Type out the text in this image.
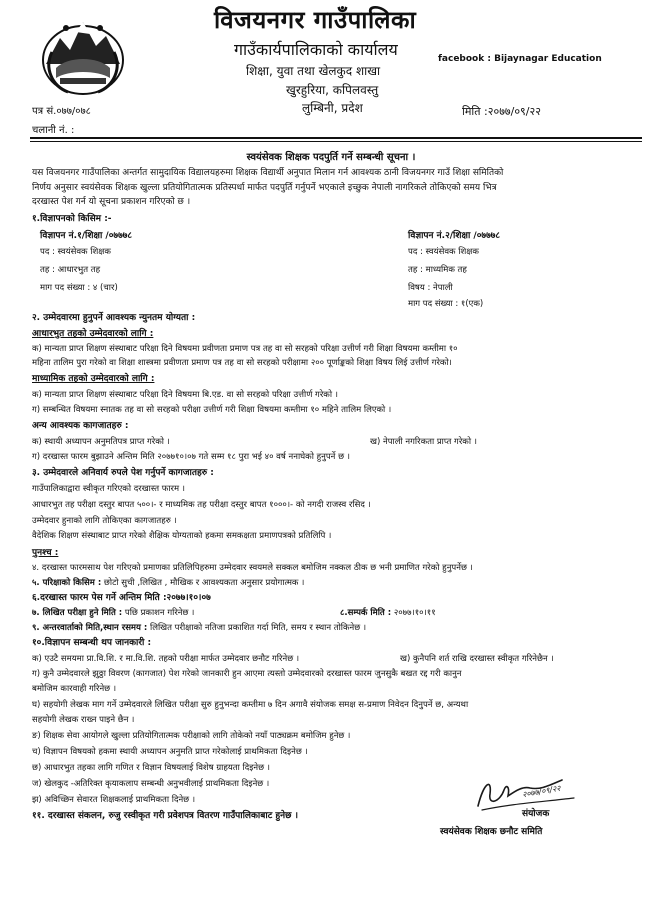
विजयनगर गाउँपालिका
गाउँकार्यपालिकाको कार्यालय
शिक्षा, युवा तथा खेलकुद शाखा
खुरहुरिया, कपिलवस्तु
लुम्बिनी, प्रदेश
facebook : Bijaynagar Education
पत्र सं.०७७/०७८
चलानी नं. :
मिति :२०७७/०९/२२
स्वयंसेवक शिक्षक पदपुर्ति गर्ने सम्बन्धी सूचना ।
यस विजयनगर गाउँपालिका अन्तर्गत सामुदायिक विद्यालयहरुमा शिक्षक विद्यार्थी अनुपात मिलान गर्न आवश्यक ठानी विजयनगर गाउँ शिक्षा समितिको
निर्णय अनुसार स्वयंसेवक शिक्षक खुल्ला प्रतियोगितात्मक प्रतिस्पर्धा मार्फत पदपुर्ति गर्नुपर्ने भएकाले इच्छुक नेपाली नागरिकले तोकिएको समय भित्र
दरखास्त पेश गर्न यो सूचना प्रकाशन गरिएको छ ।
१.विज्ञापनको किसिम :-
विज्ञापन नं.१/शिक्षा /०७७७८
पद : स्वयंसेवक शिक्षक
तह : आधारभुत तह
माग पद संख्या : ४ (चार)
विज्ञापन नं.२/शिक्षा /०७७७८
पद : स्वयंसेवक शिक्षक
तह : माध्यमिक तह
विषय : नेपाली
माग पद संख्या : १(एक)
२. उम्मेदवारमा हुनुपर्ने आवश्यक न्युनतम योग्यता :
आधारभुत तहको उम्मेदवारको लागि :
क) मान्यता प्राप्त शिक्षण संस्थाबाट परिक्षा दिने विषयमा प्रवीणता प्रमाण पत्र तह वा सो सरहको परिक्षा उत्तीर्ण गरी शिक्षा विषयमा कम्तीमा १०
महिना तालिम पुरा गरेको वा शिक्षा शास्त्रमा प्रवीणता प्रमाण पत्र तह वा सो सरहको परीक्षामा २०० पूर्णाङ्कको शिक्षा विषय लिई उत्तीर्ण गरेको।
माध्यामिक तहको उम्मेदवारको लागि :
क) मान्यता प्राप्त शिक्षण संस्थाबाट परिक्षा दिने विषयमा बि.एड. वा सो सरहको परिक्षा उत्तीर्ण गरेको ।
ग) सम्बन्धित विषयमा स्नातक तह वा सो सरहको परीक्षा उत्तीर्ण गरी शिक्षा विषयमा कम्तीमा १० महिने तालिम लिएको ।
अन्य आवश्यक कागजातहरु :
क) स्थायी अध्यापन अनुमतिपत्र प्राप्त गरेको ।	ख) नेपाली नगरिकता प्राप्त गरेको ।
ग) दरखास्त फारम बुझाउने अन्तिम मिति २०७७१०।०७ गते सम्म १८ पुरा भई ४० वर्ष ननाघेको हुनुपर्ने छ ।
३. उम्मेदवारले अनिवार्य रुपले पेश गर्नुपर्ने कागजातहरु :
गाउँपालिकाद्वारा स्वीकृत गरिएको दरखास्त फारम ।
आधारभुत तह परीक्षा दस्तुर बापत ५००।- र माध्यमिक तह परीक्षा दस्तुर बापत १०००।- को नगदी राजस्व रसिद ।
उम्मेदवार हुनाको लागि तोकिएका कागजातहरु ।
वैदेशिक शिक्षण संस्थाबाट प्राप्त गरेको शैक्षिक योग्यताको हकमा समकक्षता प्रमाणपत्रको प्रतिलिपि ।
पुनश्च :
४. दरखास्त फारमसाथ पेश गरिएको प्रमाणका प्रतिलिपिहरुमा उम्मेदवार स्वयमले सक्कल बमोजिम नक्कल ठीक छ भनी प्रमाणित गरेको हुनुपर्नेछ ।
५. परिक्षाको किसिम : छोटो सुची ,लिखित , मौखिक र आवश्यकता अनुसार प्रयोगात्मक ।
६.दरखास्त फारम पेस गर्ने अन्तिम मिति :२०७७।१०।०७
७. लिखित परीक्षा हुने मिति : पछि प्रकाशन गरिनेछ ।	८.सम्पर्क मिति : २०७७।१०।११
९. अन्तरवार्ताको मिति,स्थान रसमय : लिखित परीक्षाको नतिजा प्रकाशित गर्दा मिति, समय र स्थान तोकिनेछ ।
१०.विज्ञापन सम्बन्धी थप जानकारी :
क) एउटै समयमा प्रा.वि.शि. र मा.वि.शि. तहको परीक्षा मार्फत उम्मेदवार छनौट गरिनेछ ।	ख) कुनैपनि शर्त राखि दरखास्त स्वीकृत गरिनेछैन ।
ग) कुनै उम्मेदवारले झुठ्ठा विवरण (कागजात) पेश गरेको जानकारी हुन आएमा त्यस्तो उम्मेदवारको दरखास्त फारम जुनसुकै बखत रद्द गरी कानुन
बमोजिम कारवाही गरिनेछ ।
घ) सहयोगी लेखक माग गर्ने उम्मेदवारले लिखित परीक्षा सुरु हुनुभन्दा कम्तीमा ७ दिन अगावै संयोजक समक्ष स-प्रमाण निवेदन दिनुपर्ने छ, अन्यथा
सहयोगी लेखक राख्न पाइने छैन ।
ङ) शिक्षक सेवा आयोगले खुल्ला प्रतियोगितात्मक परीक्षाको लागि तोकेको नयाँ पाठ्यक्रम बमोजिम हुनेछ ।
च) विज्ञापन विषयको हकमा स्थायी अध्यापन अनुमति प्राप्त गरेकोलाई प्राथमिकता दिइनेछ ।
छ) आधारभुत तहका लागि गणित र विज्ञान विषयलाई विशेष ग्राहयता दिइनेछ ।
ज) खेलकुद -अतिरिक्त कृयाकलाप सम्बन्धी अनुभवीलाई प्राथमिकता दिइनेछ ।
झ) अविच्छिन सेवारत शिक्षकलाई प्राथमिकता दिनेछ ।
११. दरखास्त संकलन, रुजु रस्वीकृत गरी प्रवेशपत्र वितरण गाउँपालिकाबाट हुनेछ ।
२०७७/०९/२२
संयोजक
स्वयंसेवक शिक्षक छनौट समिति
